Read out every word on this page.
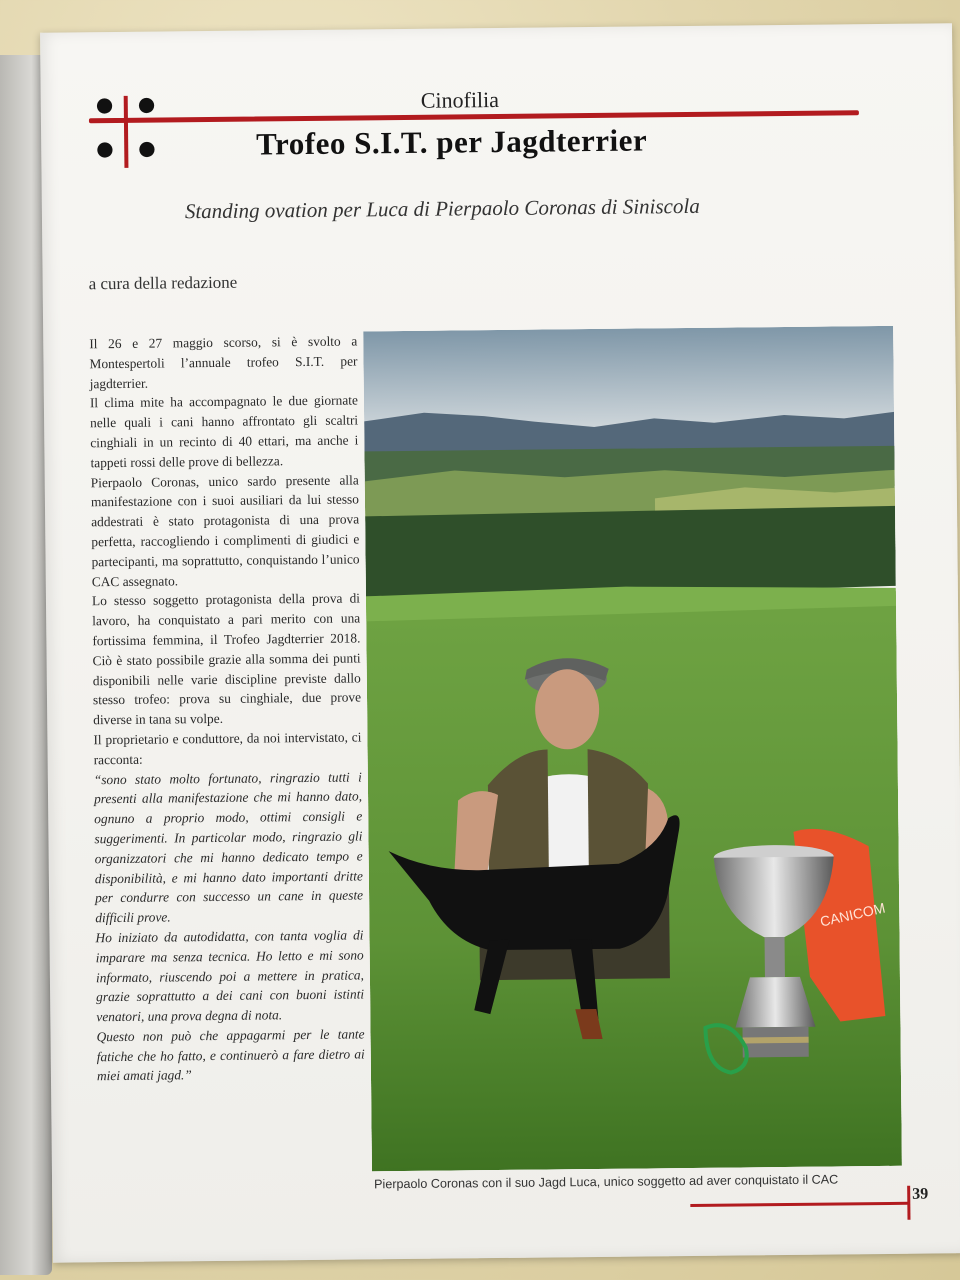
● ●
● ●
Cinofilia
Trofeo S.I.T. per Jagdterrier
Standing ovation per Luca di Pierpaolo Coronas di Siniscola
a cura della redazione

Il 26 e 27 maggio scorso, si è svolto a Montespertoli l’annuale trofeo S.I.T. per jagdterrier.

Il clima mite ha accompagnato le due giornate nelle quali i cani hanno affrontato gli scaltri cinghiali in un recinto di 40 ettari, ma anche i tappeti rossi delle prove di bellezza.

Pierpaolo Coronas, unico sardo presente alla manifestazione con i suoi ausiliari da lui stesso addestrati è stato protagonista di una prova perfetta, raccogliendo i complimenti di giudici e partecipanti, ma soprattutto, conquistando l’unico CAC assegnato.

Lo stesso soggetto protagonista della prova di lavoro, ha conquistato a pari merito con una fortissima femmina, il Trofeo Jagdterrier 2018. Ciò è stato possibile grazie alla somma dei punti disponibili nelle varie discipline previste dallo stesso trofeo: prova su cinghiale, due prove diverse in tana su volpe.

Il proprietario e conduttore, da noi intervistato, ci racconta:

“sono stato molto fortunato, ringrazio tutti i presenti alla manifestazione che mi hanno dato, ognuno a proprio modo, ottimi consigli e suggerimenti. In particolar modo, ringrazio gli organizzatori che mi hanno dedicato tempo e disponibilità, e mi hanno dato importanti dritte per condurre con successo un cane in queste difficili prove.

Ho iniziato da autodidatta, con tanta voglia di imparare ma senza tecnica. Ho letto e mi sono informato, riuscendo poi a mettere in pratica, grazie soprattutto a dei cani con buoni istinti venatori, una prova degna di nota.

Questo non può che appagarmi per le tante fatiche che ho fatto, e continuerò a fare dietro ai miei amati jagd.”

CANICOM
Pierpaolo Coronas con il suo Jagd Luca, unico soggetto ad aver conquistato il CAC
39
